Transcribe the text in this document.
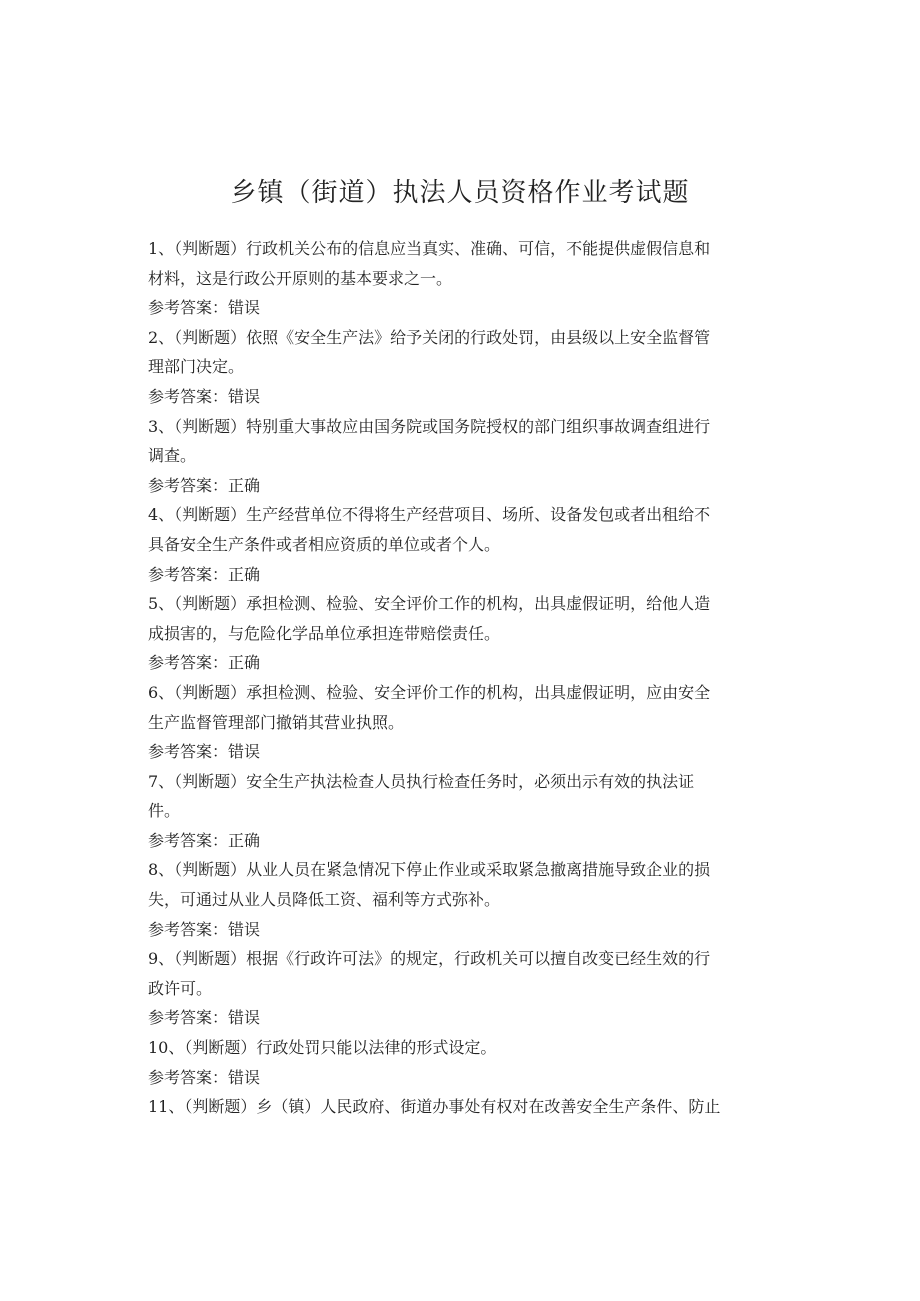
乡镇（街道）执法人员资格作业考试题
1、（判断题）行政机关公布的信息应当真实、准确、可信，不能提供虚假信息和
材料，这是行政公开原则的基本要求之一。
参考答案：错误
2、（判断题）依照《安全生产法》给予关闭的行政处罚，由县级以上安全监督管
理部门决定。
参考答案：错误
3、（判断题）特别重大事故应由国务院或国务院授权的部门组织事故调查组进行
调查。
参考答案：正确
4、（判断题）生产经营单位不得将生产经营项目、场所、设备发包或者出租给不
具备安全生产条件或者相应资质的单位或者个人。
参考答案：正确
5、（判断题）承担检测、检验、安全评价工作的机构，出具虚假证明，给他人造
成损害的，与危险化学品单位承担连带赔偿责任。
参考答案：正确
6、（判断题）承担检测、检验、安全评价工作的机构，出具虚假证明，应由安全
生产监督管理部门撤销其营业执照。
参考答案：错误
7、（判断题）安全生产执法检查人员执行检查任务时，必须出示有效的执法证
件。
参考答案：正确
8、（判断题）从业人员在紧急情况下停止作业或采取紧急撤离措施导致企业的损
失，可通过从业人员降低工资、福利等方式弥补。
参考答案：错误
9、（判断题）根据《行政许可法》的规定，行政机关可以擅自改变已经生效的行
政许可。
参考答案：错误
10、（判断题）行政处罚只能以法律的形式设定。
参考答案：错误
11、（判断题）乡（镇）人民政府、街道办事处有权对在改善安全生产条件、防止
